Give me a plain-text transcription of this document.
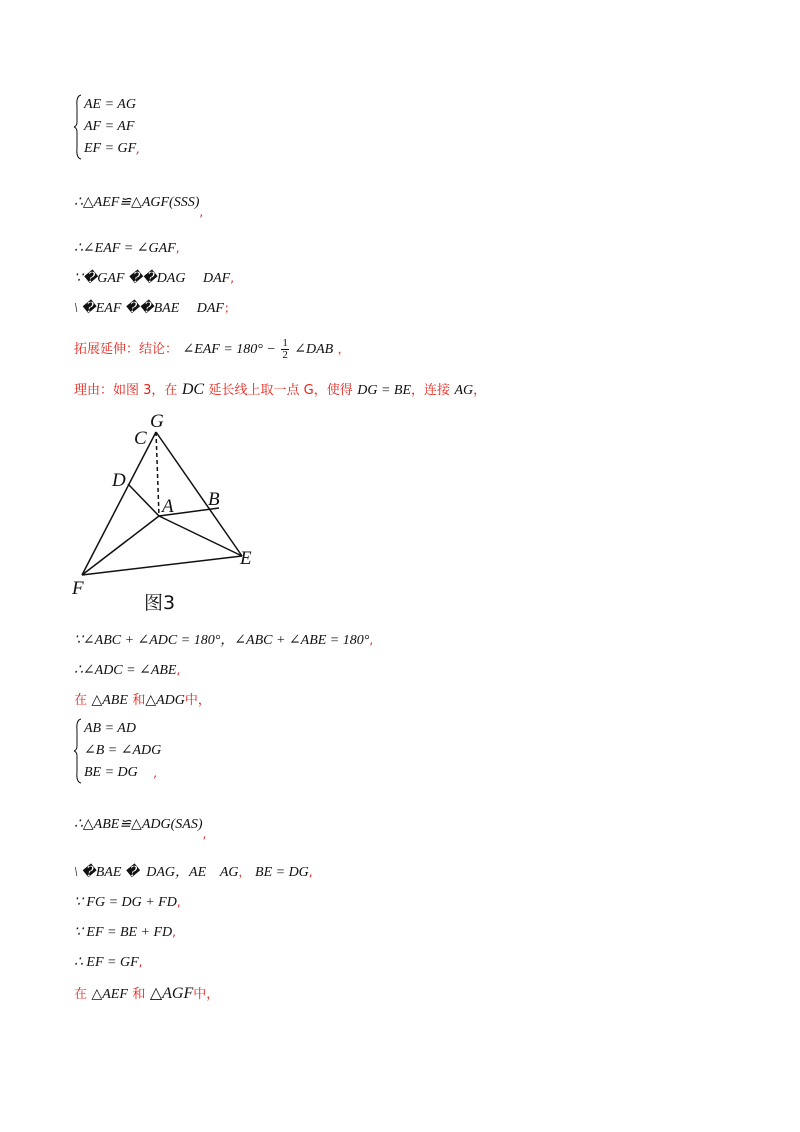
AE = AG
AF = AF
EF = GF ,
∴△AEF≌△AGF(SSS),
∴∠EAF = ∠GAF,
∵�GAF ��DAG     DAF,
\ �EAF ��BAE     DAF；
拓展延伸：结论： ∠EAF = $180^\circ - \frac{1}{2}$ ∠DAB ，
理由：如图 3，在 DC 延长线上取一点 G，使得 DG = BE，连接 AG，
G
C
D
A B
E
F
图3
∵∠ABC + ∠ADC = 180°，∠ABC + ∠ABE = 180°,
∴∠ADC = ∠ABE,
在 △ABE 和△ADG中，
AB = AD
∠B = ∠ADG
BE = DG ,
∴△ABE≌△ADG(SAS),
\ �BAE �  DAG，AE    AG， BE = DG,
∵ FG = DG + FD,
∵ EF = BE + FD,
∴ EF = GF,
在 △AEF 和 △AGF中，
